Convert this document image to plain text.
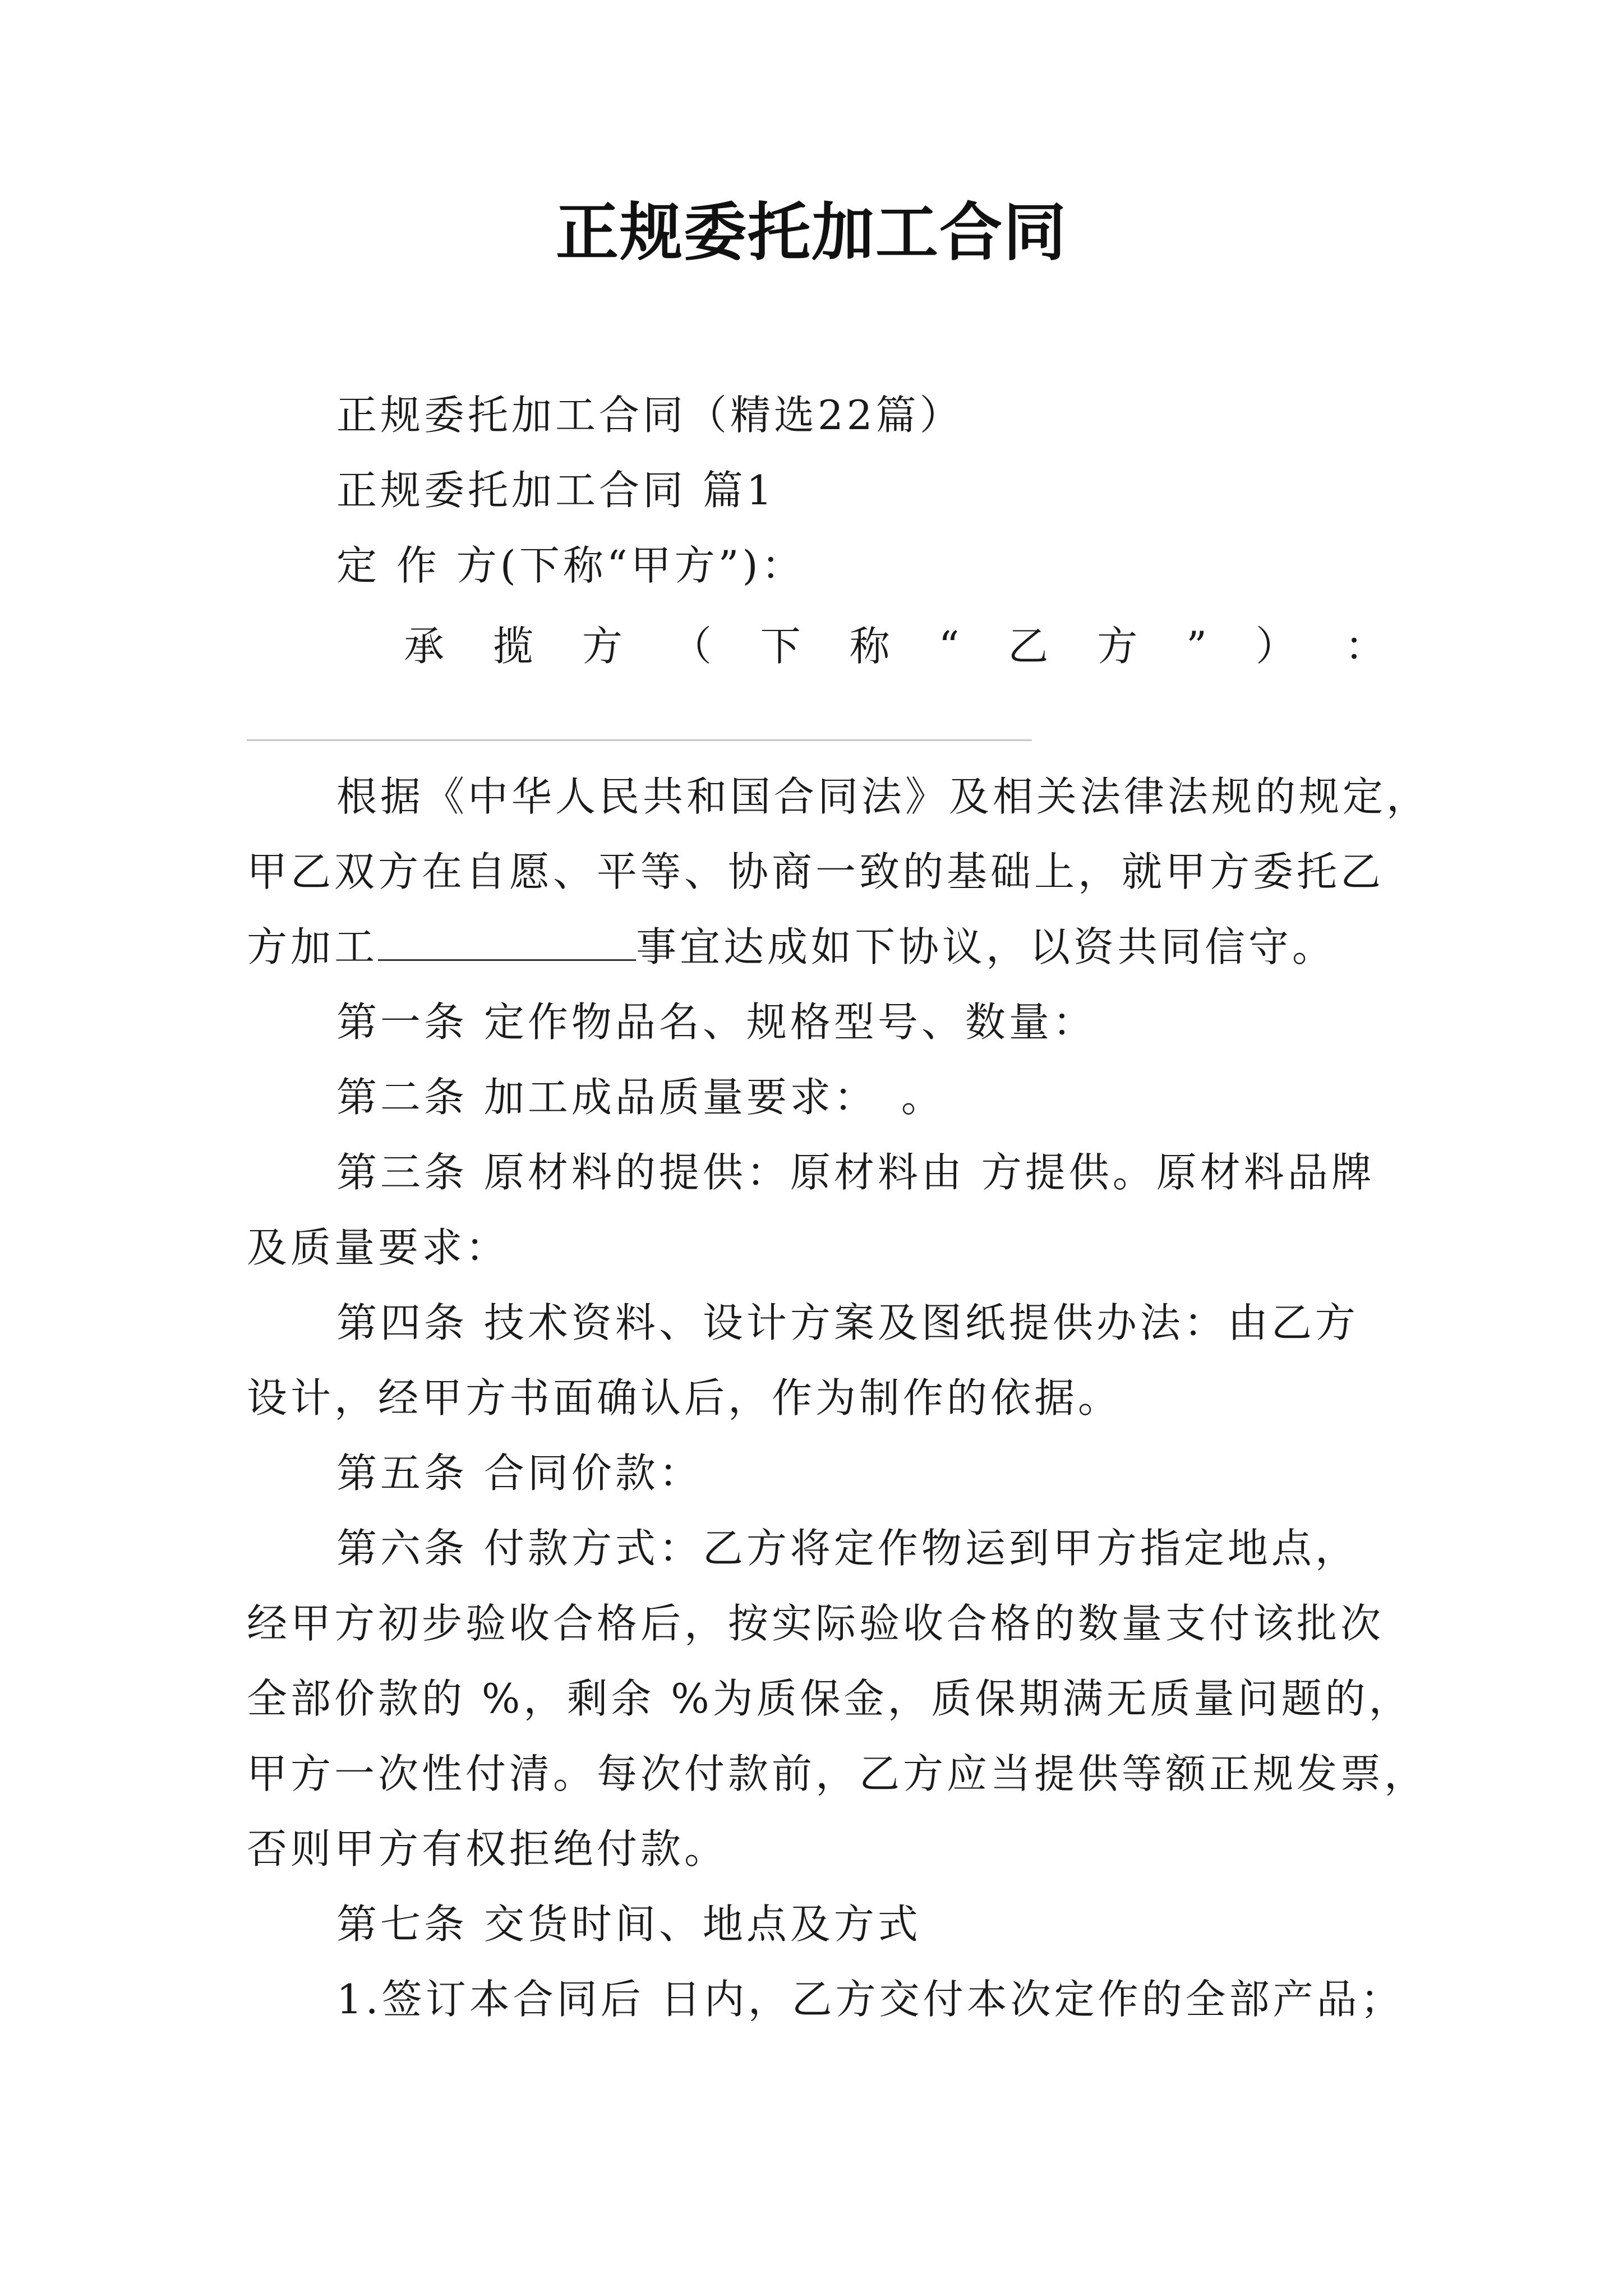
正规委托加工合同
正规委托加工合同（精选22篇）
正规委托加工合同 篇1
定 作 方(下称“甲方”)：
承 揽 方 （ 下 称 “ 乙 方 ” ） ：
根据《中华人民共和国合同法》及相关法律法规的规定，
甲乙双方在自愿、平等、协商一致的基础上，就甲方委托乙
方加工	事宜达成如下协议，以资共同信守。
第一条 定作物品名、规格型号、数量：
第二条 加工成品质量要求：　。
第三条 原材料的提供：原材料由 方提供。原材料品牌
及质量要求：
第四条 技术资料、设计方案及图纸提供办法：由乙方
设计，经甲方书面确认后，作为制作的依据。
第五条 合同价款：
第六条 付款方式：乙方将定作物运到甲方指定地点，
经甲方初步验收合格后，按实际验收合格的数量支付该批次
全部价款的 %，剩余 %为质保金，质保期满无质量问题的，
甲方一次性付清。每次付款前，乙方应当提供等额正规发票，
否则甲方有权拒绝付款。
第七条 交货时间、地点及方式
1.签订本合同后 日内，乙方交付本次定作的全部产品；
